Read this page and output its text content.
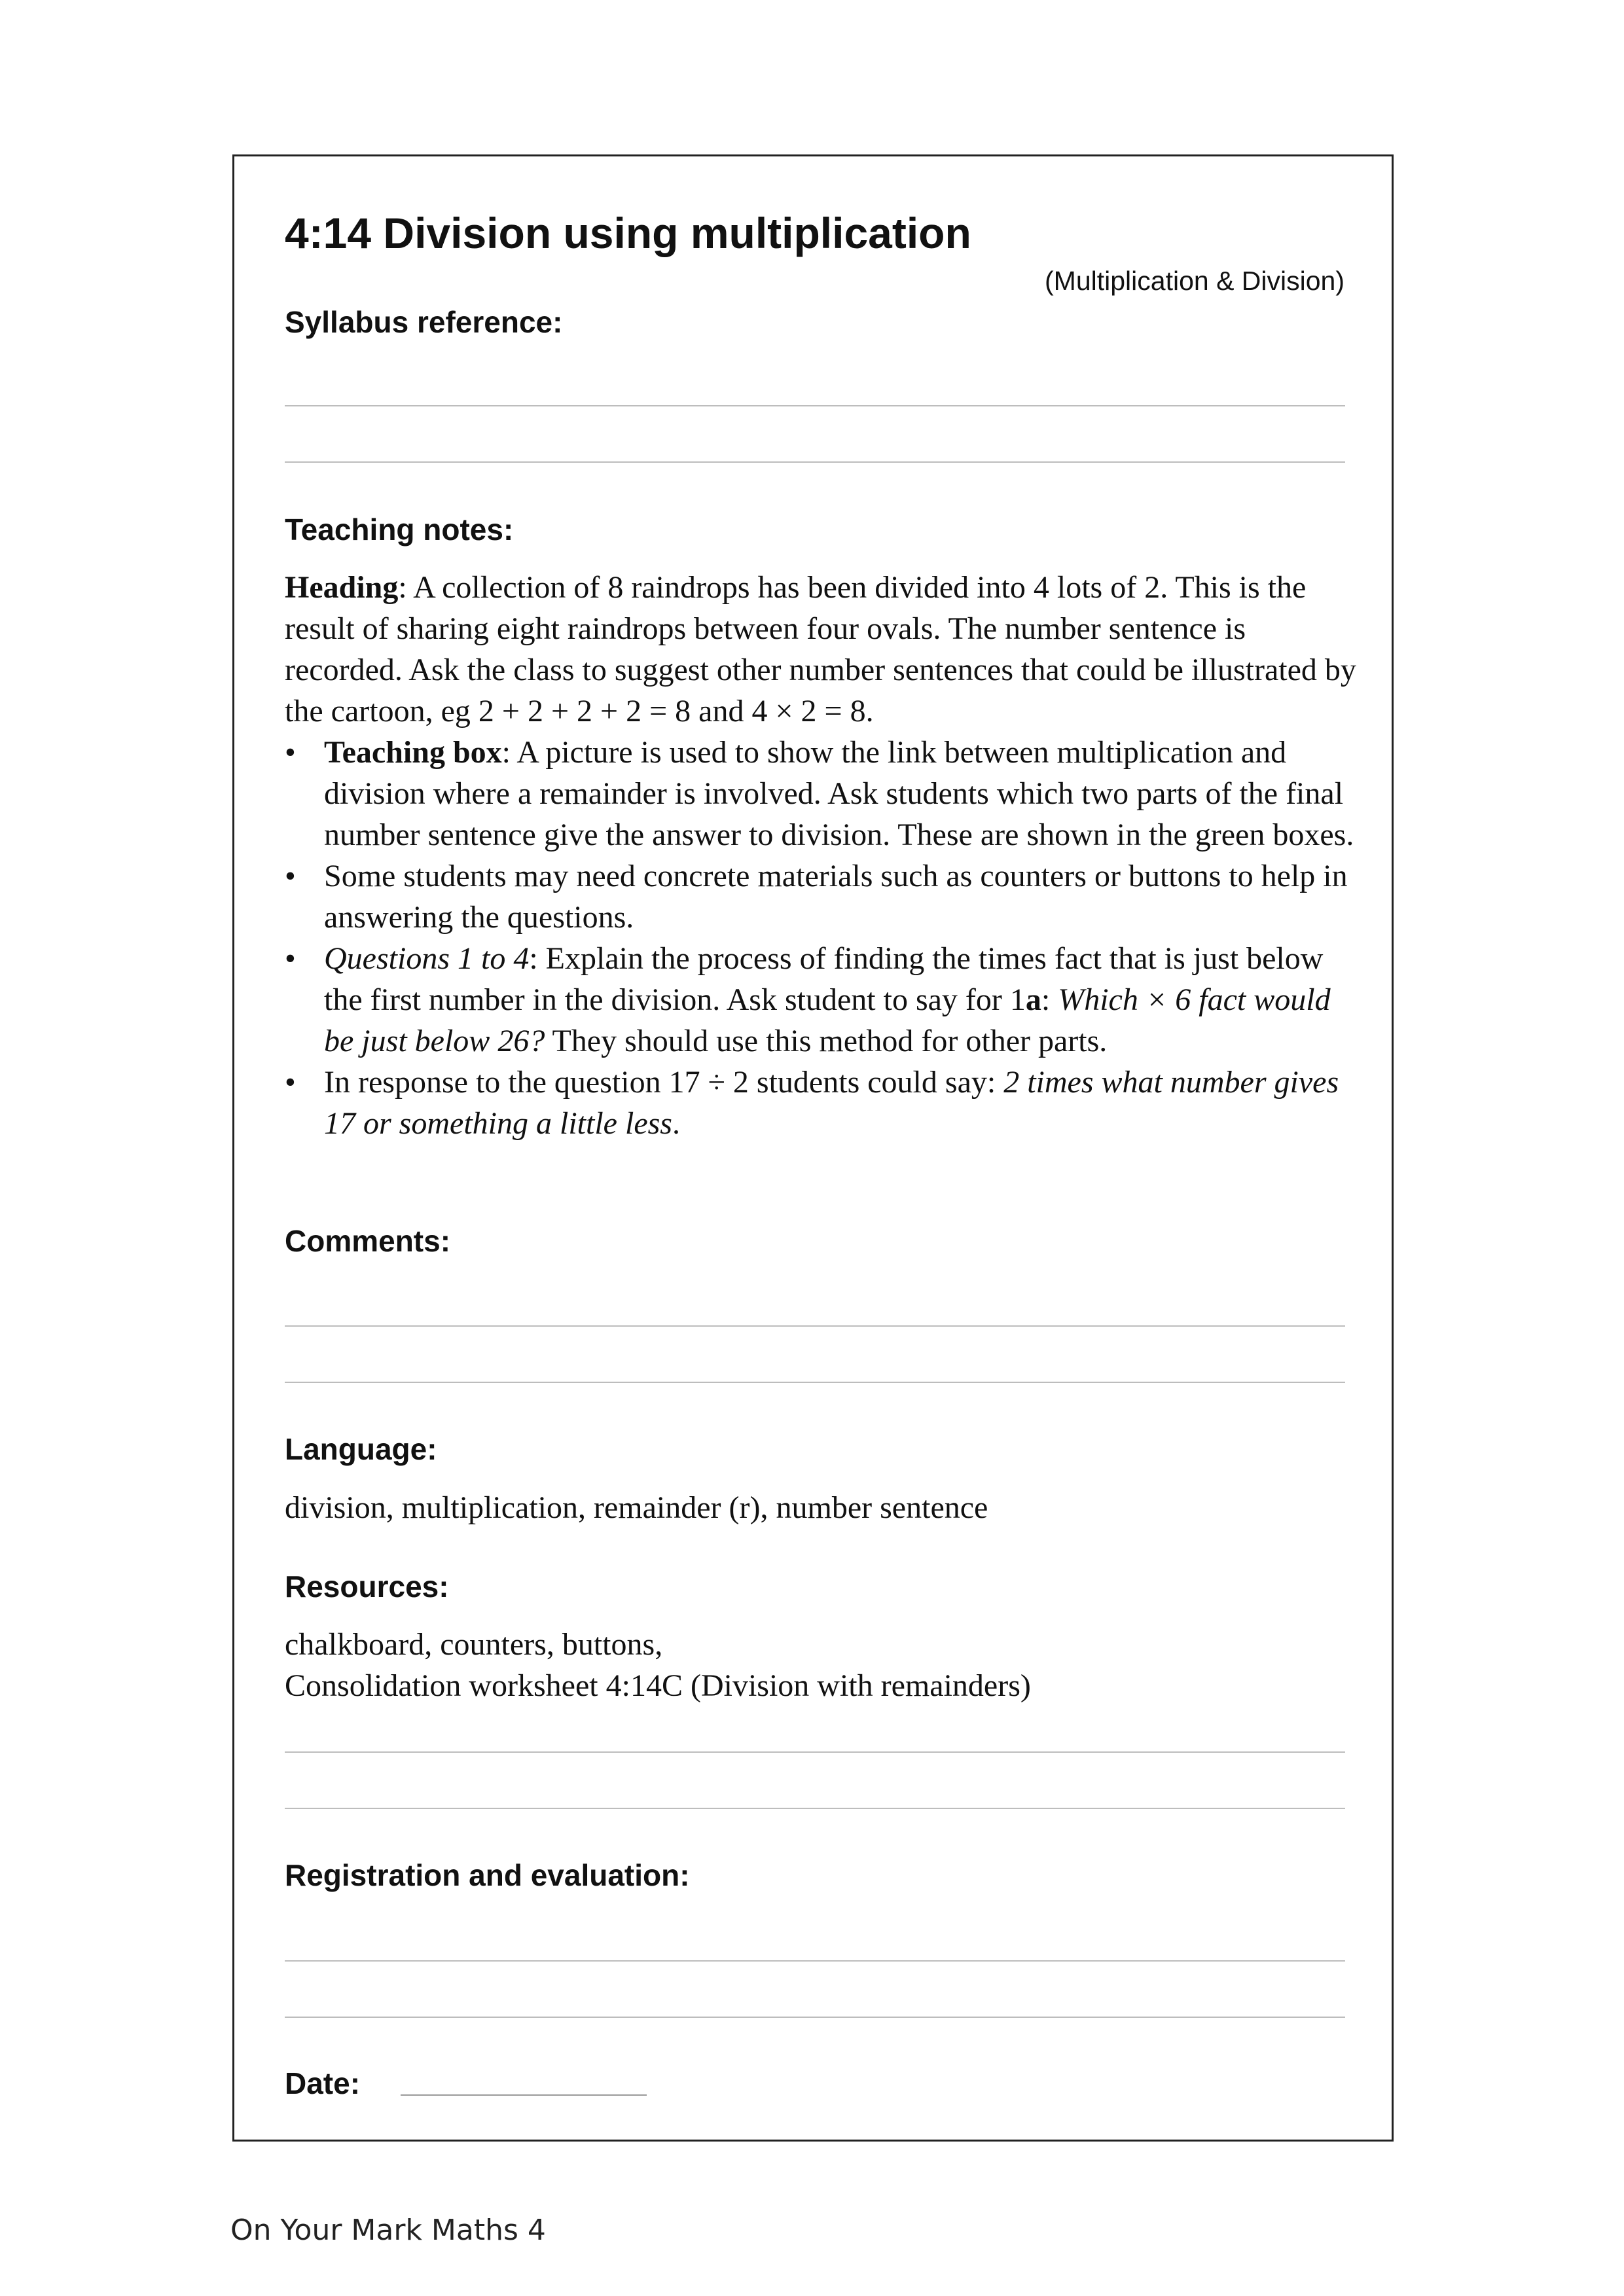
4:14 Division using multiplication
(Multiplication & Division)
Syllabus reference:
Teaching notes:

Heading: A collection of 8 raindrops has been divided into 4 lots of 2. This is the result of sharing eight raindrops between four ovals. The number sentence is recorded. Ask the class to suggest other number sentences that could be illustrated by the cartoon, eg 2 + 2 + 2 + 2 = 8 and 4 × 2 = 8.

• Teaching box: A picture is used to show the link between multiplication and division where a remainder is involved. Ask students which two parts of the final number sentence give the answer to division. These are shown in the green boxes.
• Some students may need concrete materials such as counters or buttons to help in answering the questions.
• Questions 1 to 4: Explain the process of finding the times fact that is just below the first number in the division. Ask student to say for 1a: Which × 6 fact would be just below 26? They should use this method for other parts.
• In response to the question 17 ÷ 2 students could say: 2 times what number gives 17 or something a little less.
Comments:
Language:
division, multiplication, remainder (r), number sentence
Resources:
chalkboard, counters, buttons,
Consolidation worksheet 4:14C (Division with remainders)
Registration and evaluation:
Date:
On Your Mark Maths 4
